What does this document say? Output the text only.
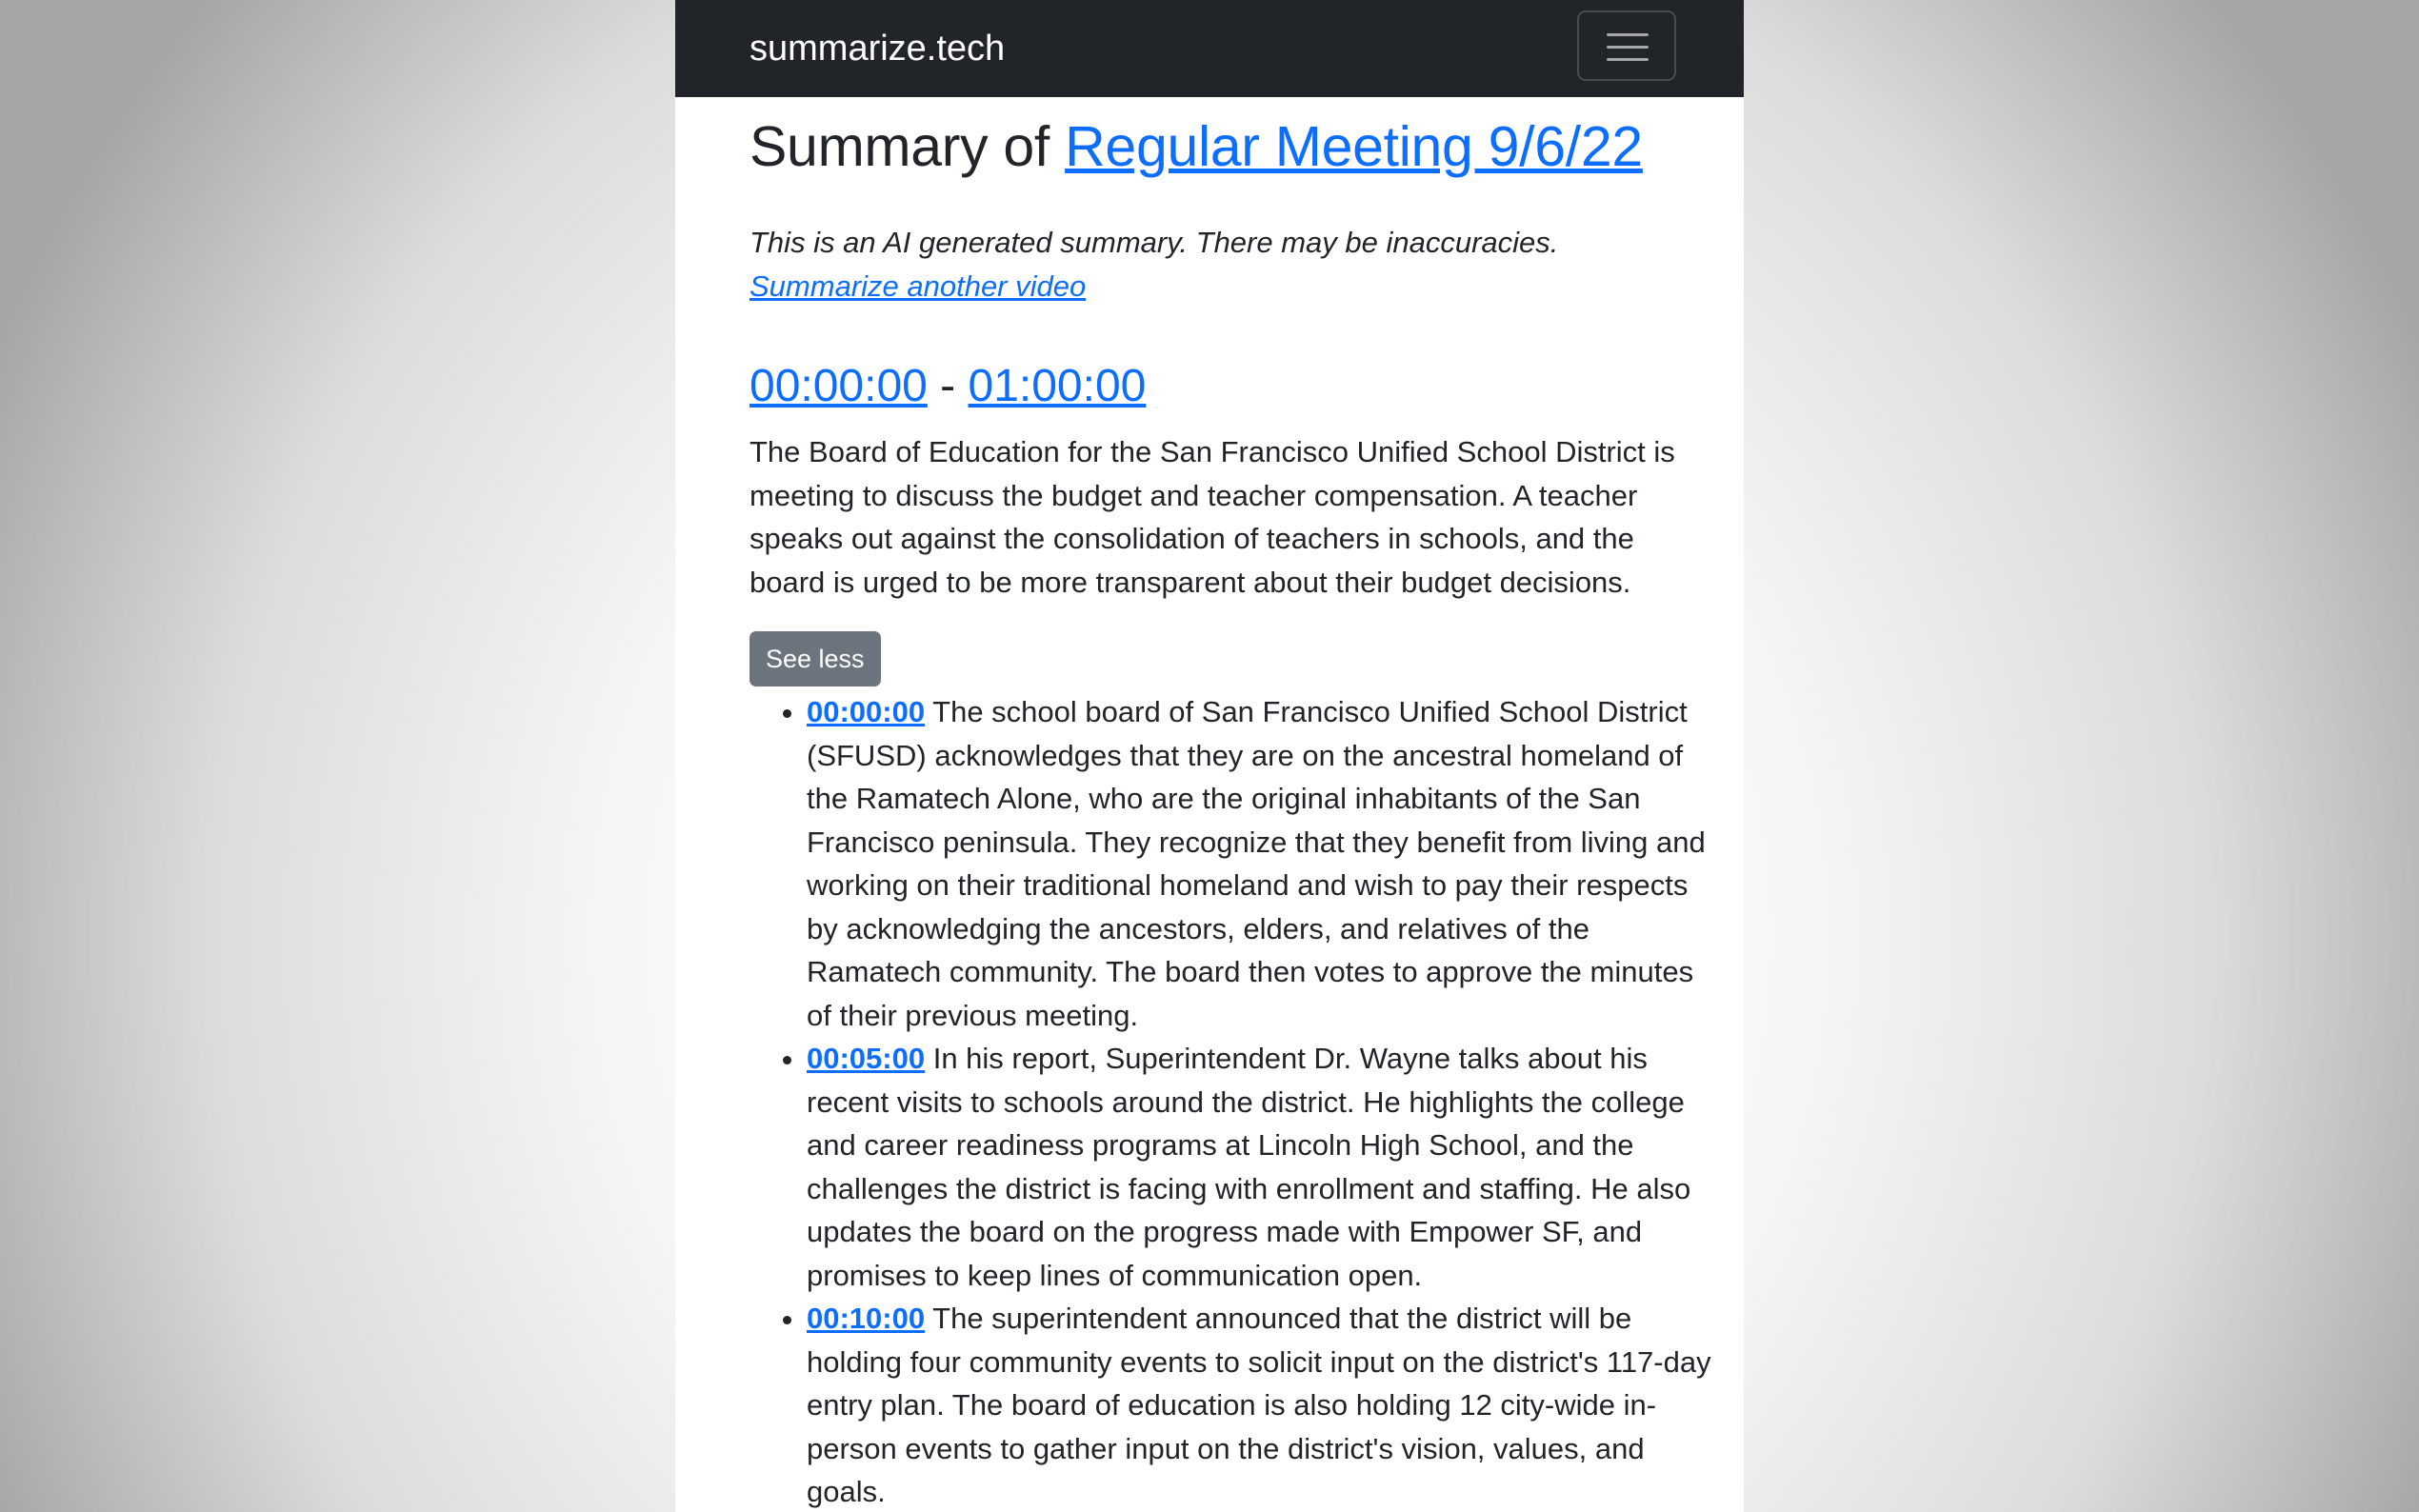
summarize.tech
Summary of Regular Meeting 9/6/22
This is an AI generated summary. There may be inaccuracies.
Summarize another video
00:00:00 - 01:00:00
The Board of Education for the San Francisco Unified School District is meeting to discuss the budget and teacher compensation. A teacher speaks out against the consolidation of teachers in schools, and the board is urged to be more transparent about their budget decisions.
See less
• 00:00:00 The school board of San Francisco Unified School District (SFUSD) acknowledges that they are on the ancestral homeland of the Ramatech Alone, who are the original inhabitants of the San Francisco peninsula. They recognize that they benefit from living and working on their traditional homeland and wish to pay their respects by acknowledging the ancestors, elders, and relatives of the Ramatech community. The board then votes to approve the minutes of their previous meeting.
• 00:05:00 In his report, Superintendent Dr. Wayne talks about his recent visits to schools around the district. He highlights the college and career readiness programs at Lincoln High School, and the challenges the district is facing with enrollment and staffing. He also updates the board on the progress made with Empower SF, and promises to keep lines of communication open.
• 00:10:00 The superintendent announced that the district will be holding four community events to solicit input on the district's 117-day entry plan. The board of education is also holding 12 city-wide in-person events to gather input on the district's vision, values, and goals.
